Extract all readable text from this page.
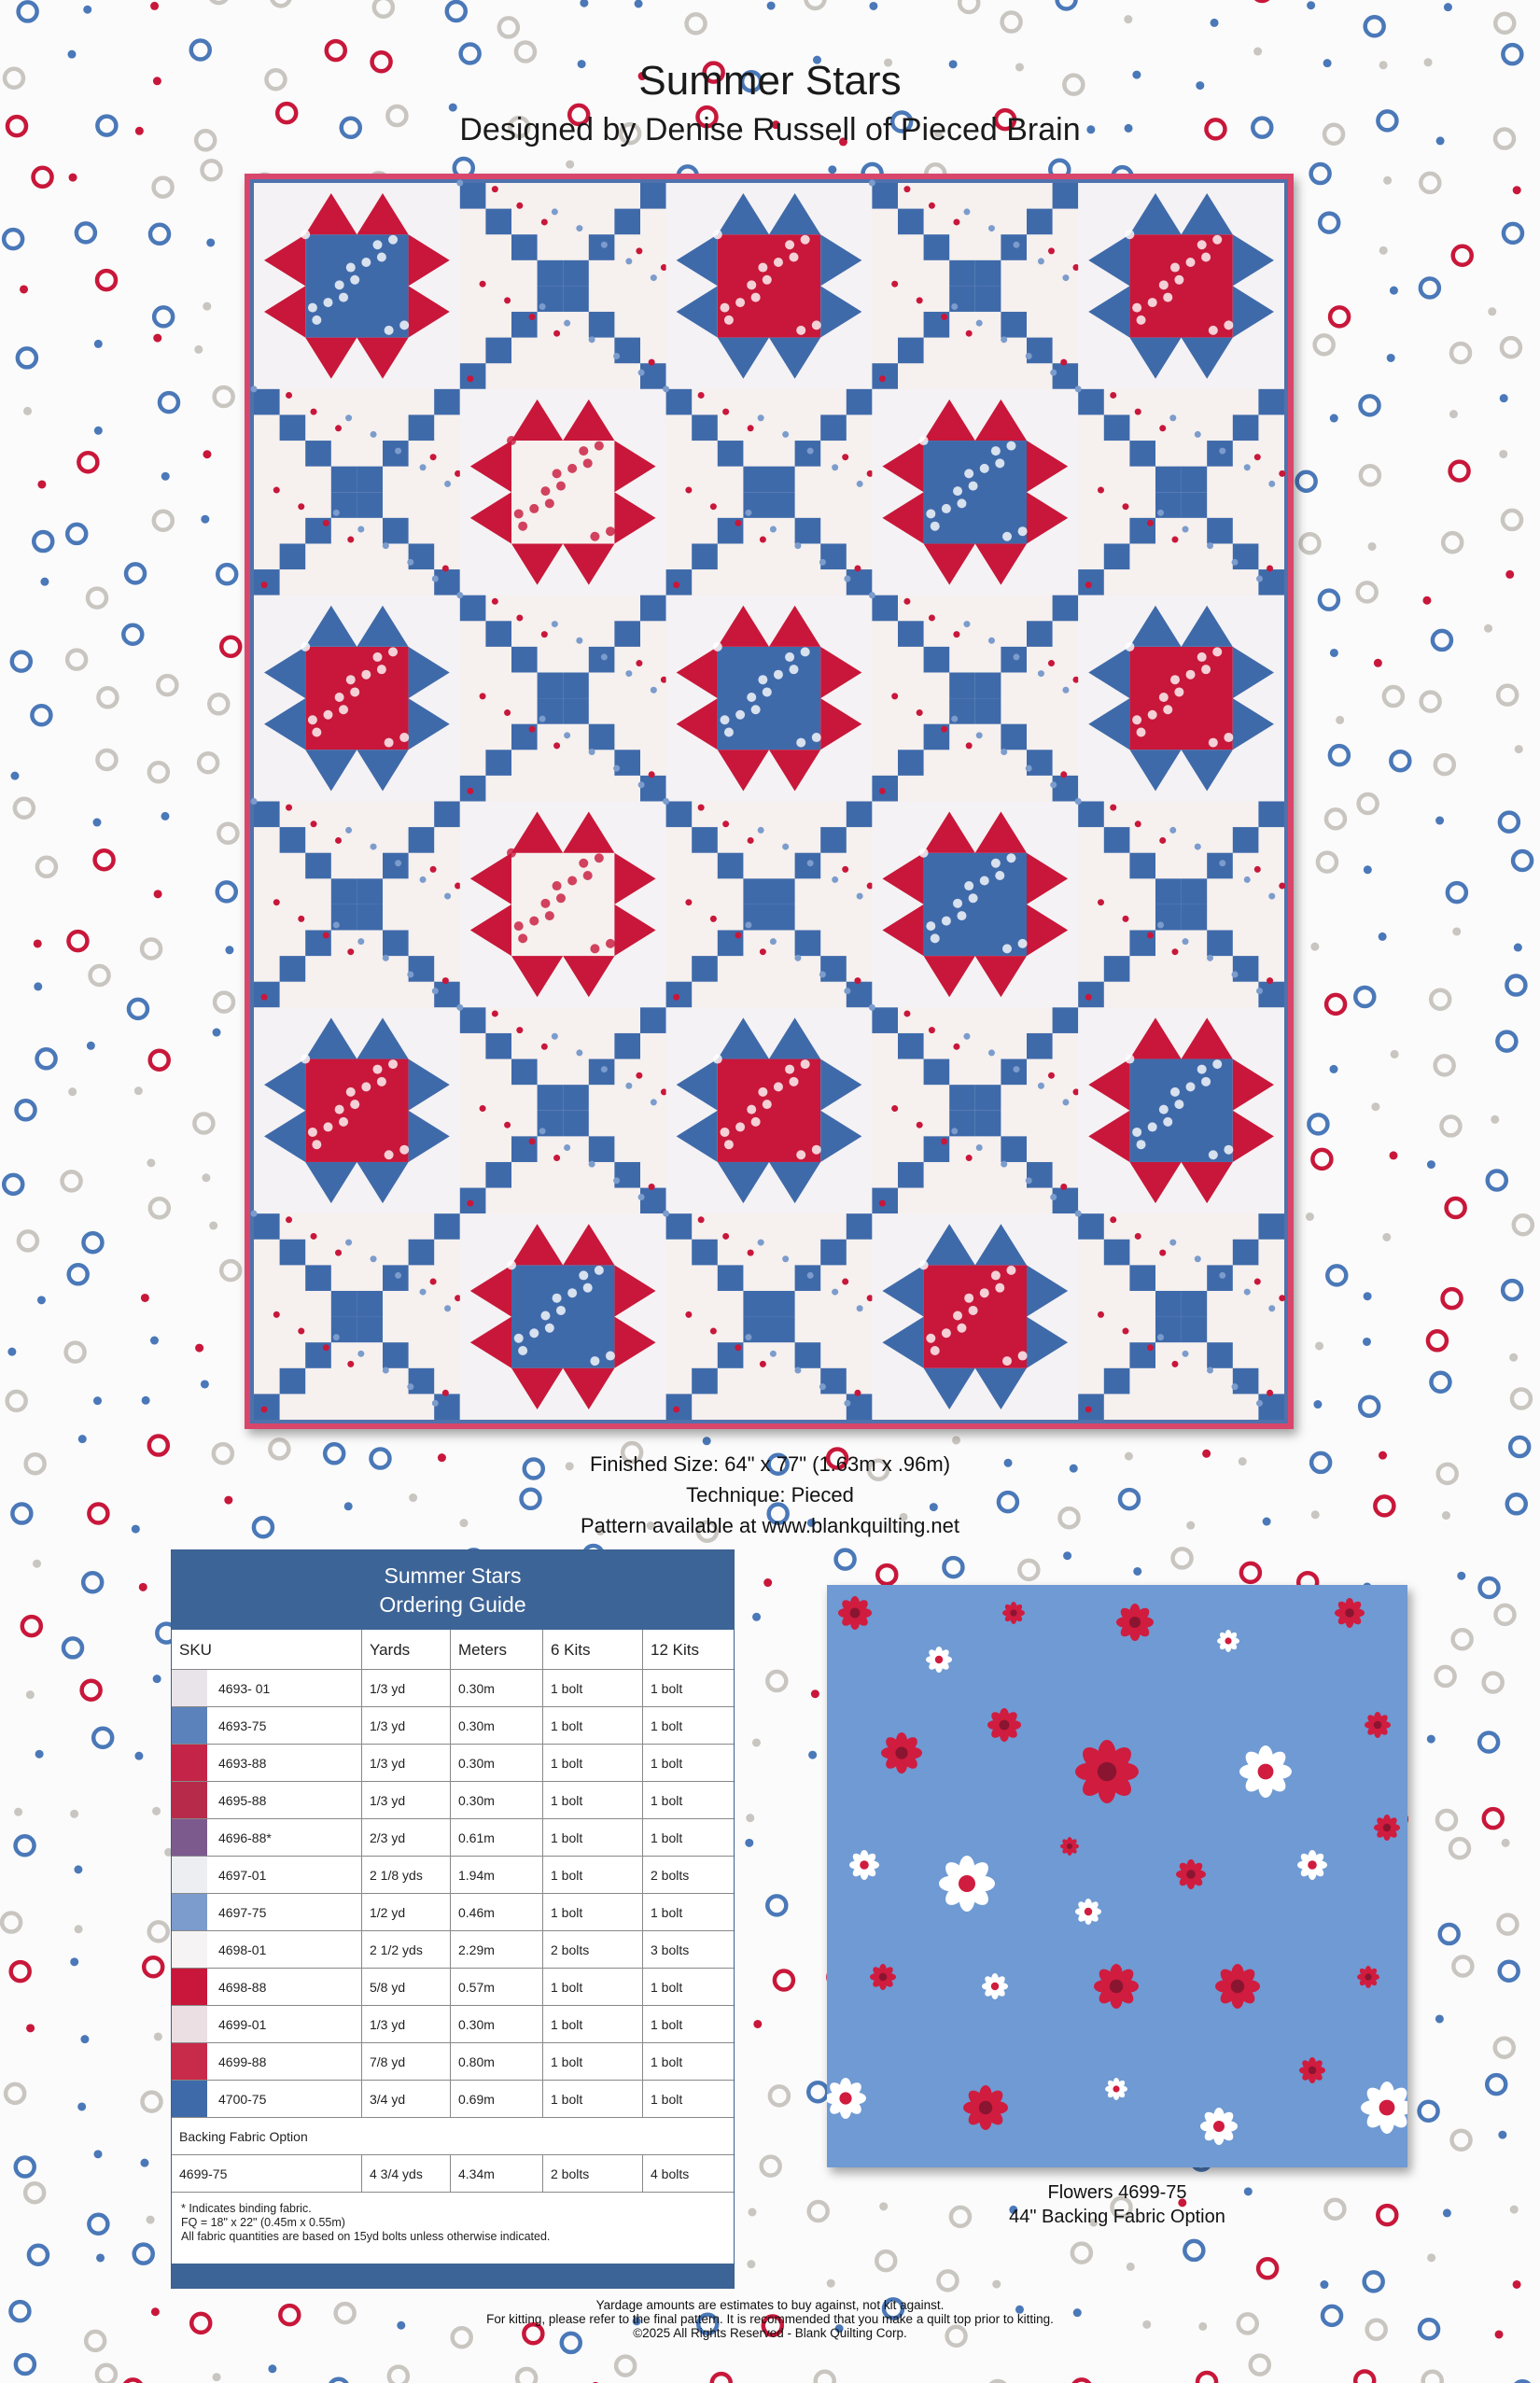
Summer Stars
Designed by Denise Russell of Pieced Brain
Finished Size: 64" x 77" (1.63m x .96m)
Technique: Pieced
Pattern available at www.blankquilting.net
Summer Stars
Ordering Guide
SKU	Yards	Meters	6 Kits	12 Kits

4693- 01	1/3 yd	0.30m	1 bolt	1 bolt

4693-75	1/3 yd	0.30m	1 bolt	1 bolt

4693-88	1/3 yd	0.30m	1 bolt	1 bolt

4695-88	1/3 yd	0.30m	1 bolt	1 bolt

4696-88*	2/3 yd	0.61m	1 bolt	1 bolt

4697-01	2 1/8 yds	1.94m	1 bolt	2 bolts

4697-75	1/2 yd	0.46m	1 bolt	1 bolt

4698-01	2 1/2 yds	2.29m	2 bolts	3 bolts

4698-88	5/8 yd	0.57m	1 bolt	1 bolt

4699-01	1/3 yd	0.30m	1 bolt	1 bolt

4699-88	7/8 yd	0.80m	1 bolt	1 bolt

4700-75	3/4 yd	0.69m	1 bolt	1 bolt
Backing Fabric Option				
4699-75	4 3/4 yds	4.34m	2 bolts	4 bolts
* Indicates binding fabric.
FQ = 18" x 22" (0.45m x 0.55m)
All fabric quantities are based on 15yd bolts unless otherwise indicated.
Flowers 4699-75
44" Backing Fabric Option
Yardage amounts are estimates to buy against, not kit against.
For kitting, please refer to the final pattern. It is recommended that you make a quilt top prior to kitting.
©2025 All Rights Reserved - Blank Quilting Corp.
